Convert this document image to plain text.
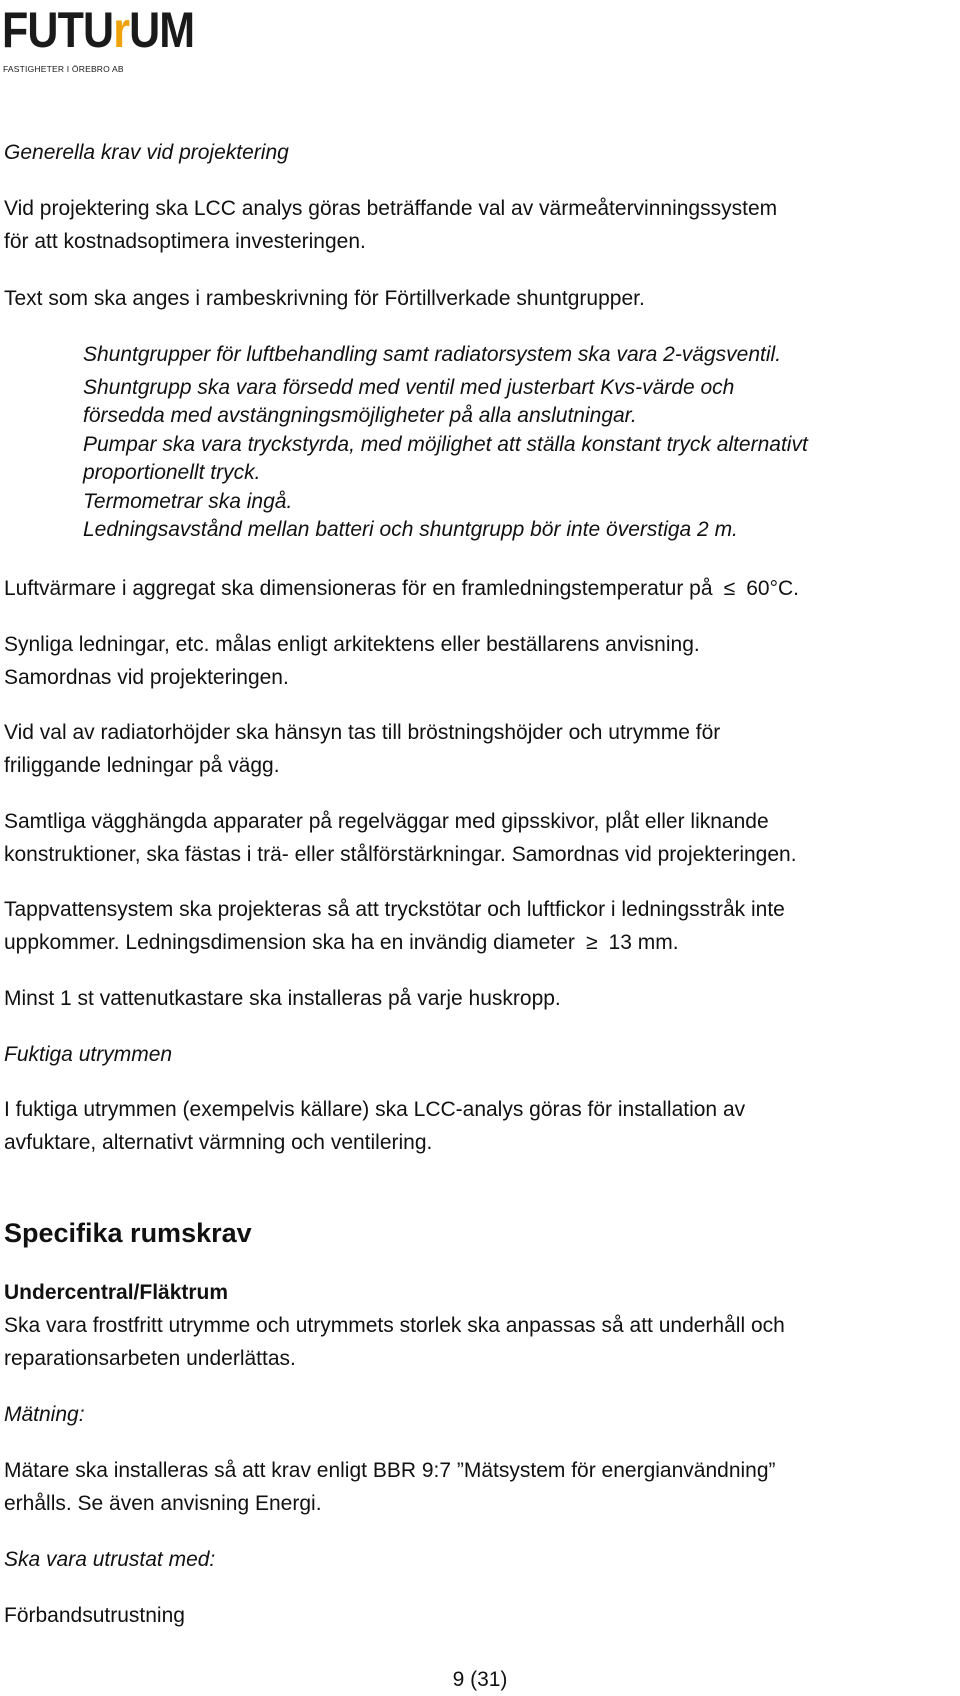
FUTUrUM
FASTIGHETER I ÖREBRO AB

Generella krav vid projektering

Vid projektering ska LCC analys göras beträffande val av värmeåtervinningssystem

för att kostnadsoptimera investeringen.

Text som ska anges i rambeskrivning för Förtillverkade shuntgrupper.

Shuntgrupper för luftbehandling samt radiatorsystem ska vara 2-vägsventil.

Shuntgrupp ska vara försedd med ventil med justerbart Kvs-värde och

försedda med avstängningsmöjligheter på alla anslutningar.

Pumpar ska vara tryckstyrda, med möjlighet att ställa konstant tryck alternativt

proportionellt tryck.

Termometrar ska ingå.

Ledningsavstånd mellan batteri och shuntgrupp bör inte överstiga 2 m.

Luftvärmare i aggregat ska dimensioneras för en framledningstemperatur på ≤ 60°C.

Synliga ledningar, etc. målas enligt arkitektens eller beställarens anvisning.

Samordnas vid projekteringen.

Vid val av radiatorhöjder ska hänsyn tas till bröstningshöjder och utrymme för

friliggande ledningar på vägg.

Samtliga vägghängda apparater på regelväggar med gipsskivor, plåt eller liknande

konstruktioner, ska fästas i trä- eller stålförstärkningar. Samordnas vid projekteringen.

Tappvattensystem ska projekteras så att tryckstötar och luftfickor i ledningsstråk inte

uppkommer. Ledningsdimension ska ha en invändig diameter ≥ 13 mm.

Minst 1 st vattenutkastare ska installeras på varje huskropp.

Fuktiga utrymmen

I fuktiga utrymmen (exempelvis källare) ska LCC-analys göras för installation av

avfuktare, alternativt värmning och ventilering.

Specifika rumskrav

Undercentral/Fläktrum

Ska vara frostfritt utrymme och utrymmets storlek ska anpassas så att underhåll och

reparationsarbeten underlättas.

Mätning:

Mätare ska installeras så att krav enligt BBR 9:7 ”Mätsystem för energianvändning”

erhålls. Se även anvisning Energi.

Ska vara utrustat med:

Förbandsutrustning

9 (31)
